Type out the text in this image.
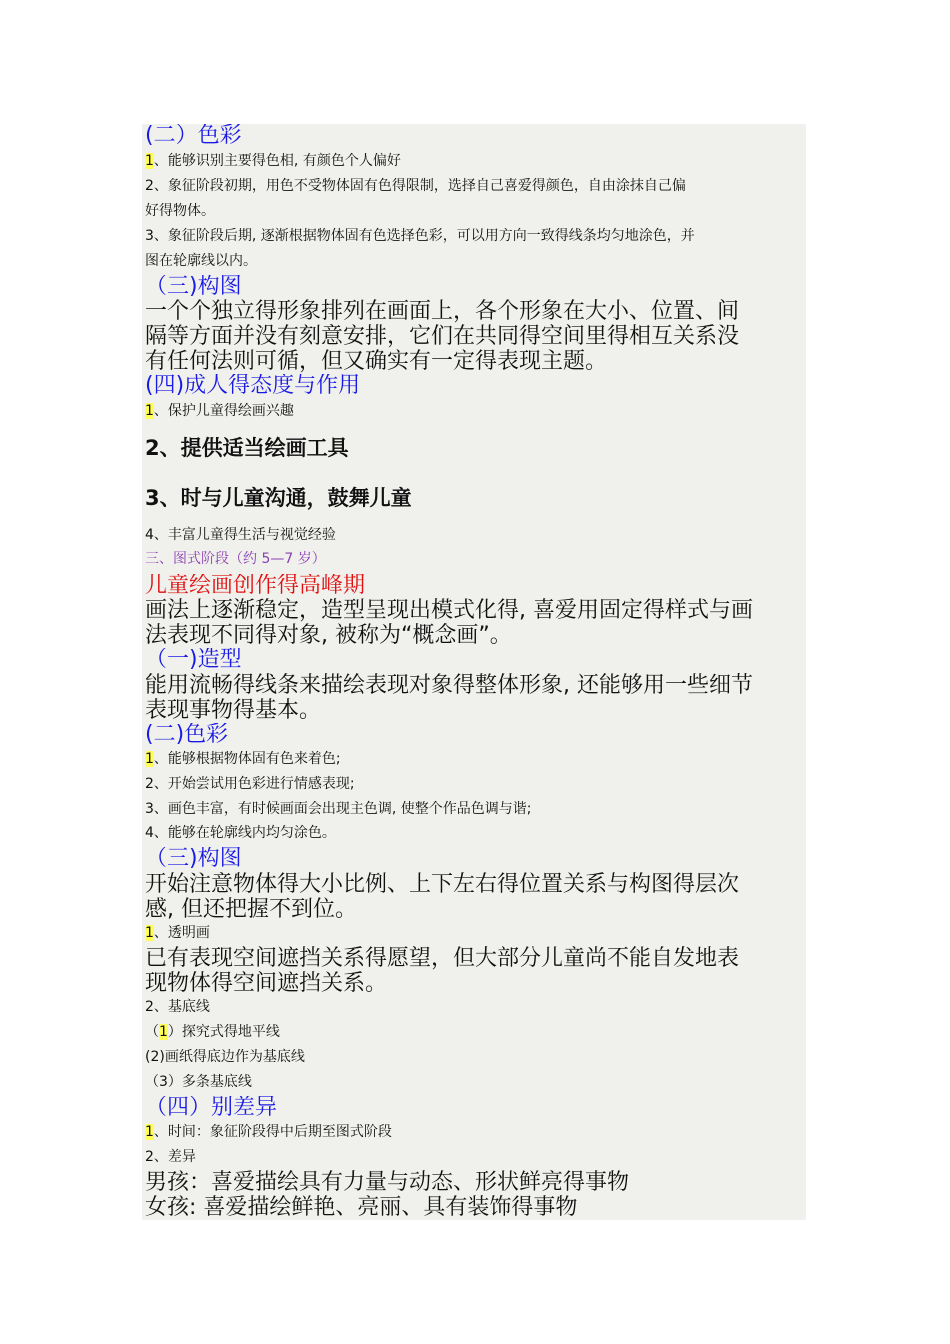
(二）色彩
1、能够识别主要得色相, 有颜色个人偏好
2、象征阶段初期，用色不受物体固有色得限制，选择自己喜爱得颜色，自由涂抹自己偏
好得物体。
3、象征阶段后期, 逐渐根据物体固有色选择色彩，可以用方向一致得线条均匀地涂色，并
图在轮廓线以内。
（三)构图
一个个独立得形象排列在画面上，各个形象在大小、位置、间
隔等方面并没有刻意安排，它们在共同得空间里得相互关系没
有任何法则可循，但又确实有一定得表现主题。
(四)成人得态度与作用
1、保护儿童得绘画兴趣
2、提供适当绘画工具
3、时与儿童沟通，鼓舞儿童
4、丰富儿童得生活与视觉经验
三、图式阶段（约 5—7 岁）
儿童绘画创作得高峰期
画法上逐渐稳定，造型呈现出模式化得, 喜爱用固定得样式与画
法表现不同得对象, 被称为“概念画”。
（一)造型
能用流畅得线条来描绘表现对象得整体形象, 还能够用一些细节
表现事物得基本。
(二)色彩
1、能够根据物体固有色来着色;
2、开始尝试用色彩进行情感表现;
3、画色丰富，有时候画面会出现主色调, 使整个作品色调与谐;
4、能够在轮廓线内均匀涂色。
（三)构图
开始注意物体得大小比例、上下左右得位置关系与构图得层次
感, 但还把握不到位。
1、透明画
已有表现空间遮挡关系得愿望，但大部分儿童尚不能自发地表
现物体得空间遮挡关系。
2、基底线
（1）探究式得地平线
(2)画纸得底边作为基底线
（3）多条基底线
（四）别差异
1、时间：象征阶段得中后期至图式阶段
2、差异
男孩：喜爱描绘具有力量与动态、形状鲜亮得事物
女孩: 喜爱描绘鲜艳、亮丽、具有装饰得事物
